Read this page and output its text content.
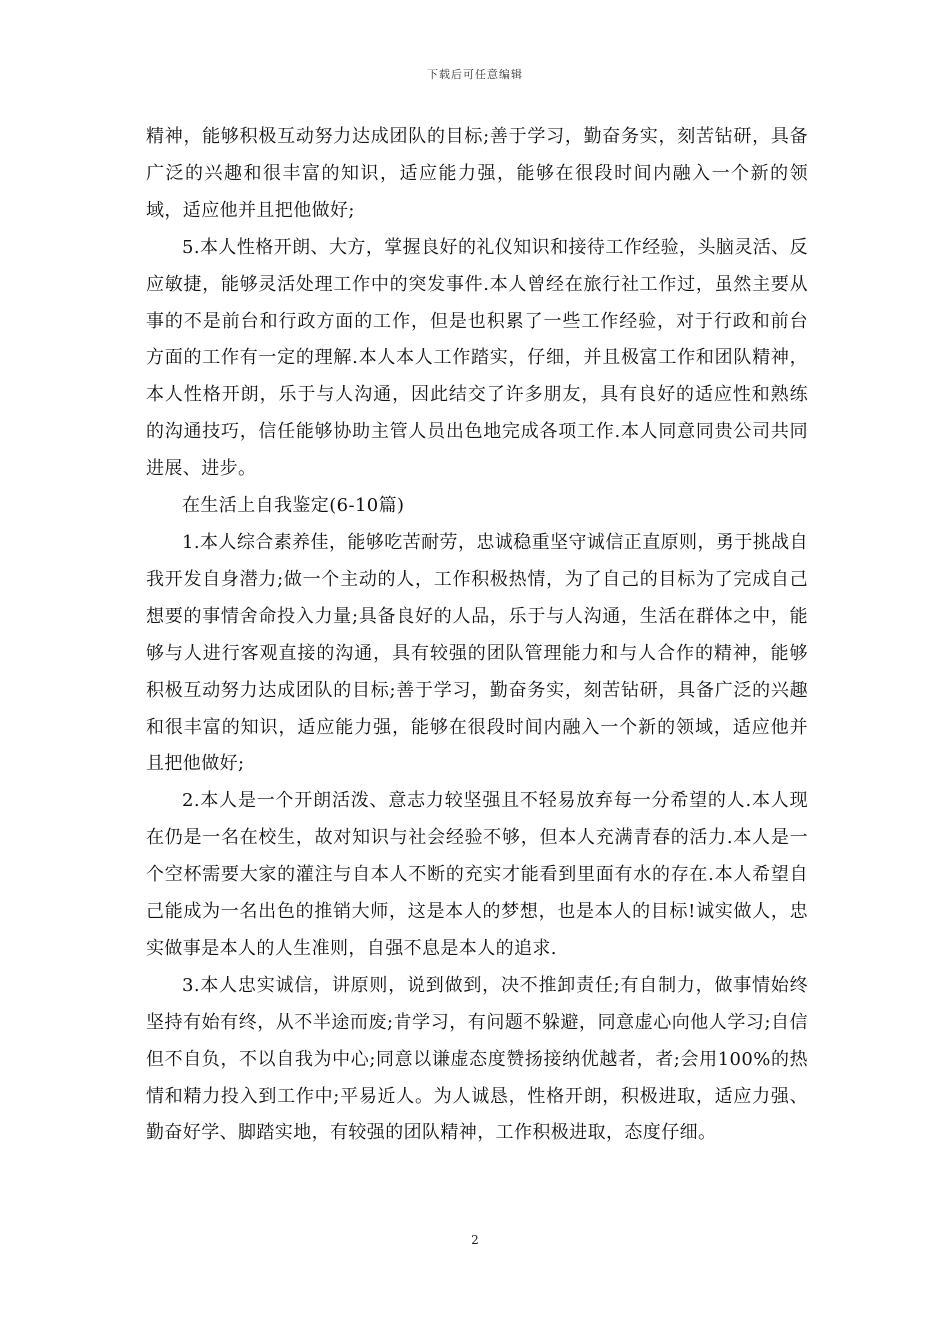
下载后可任意编辑

精神，能够积极互动努力达成团队的目标;善于学习，勤奋务实，刻苦钻研，具备广泛的兴趣和很丰富的知识，适应能力强，能够在很段时间内融入一个新的领域，适应他并且把他做好;

5.本人性格开朗、大方，掌握良好的礼仪知识和接待工作经验，头脑灵活、反应敏捷，能够灵活处理工作中的突发事件.本人曾经在旅行社工作过，虽然主要从事的不是前台和行政方面的工作，但是也积累了一些工作经验，对于行政和前台方面的工作有一定的理解.本人本人工作踏实，仔细，并且极富工作和团队精神，本人性格开朗，乐于与人沟通，因此结交了许多朋友，具有良好的适应性和熟练的沟通技巧，信任能够协助主管人员出色地完成各项工作.本人同意同贵公司共同进展、进步。

在生活上自我鉴定(6-10篇)

1.本人综合素养佳，能够吃苦耐劳，忠诚稳重坚守诚信正直原则，勇于挑战自我开发自身潜力;做一个主动的人，工作积极热情，为了自己的目标为了完成自己想要的事情舍命投入力量;具备良好的人品，乐于与人沟通，生活在群体之中，能够与人进行客观直接的沟通，具有较强的团队管理能力和与人合作的精神，能够积极互动努力达成团队的目标;善于学习，勤奋务实，刻苦钻研，具备广泛的兴趣和很丰富的知识，适应能力强，能够在很段时间内融入一个新的领域，适应他并且把他做好;

2.本人是一个开朗活泼、意志力较坚强且不轻易放弃每一分希望的人.本人现在仍是一名在校生，故对知识与社会经验不够，但本人充满青春的活力.本人是一个空杯需要大家的灌注与自本人不断的充实才能看到里面有水的存在.本人希望自己能成为一名出色的推销大师，这是本人的梦想，也是本人的目标!诚实做人，忠实做事是本人的人生准则，自强不息是本人的追求.

3.本人忠实诚信，讲原则，说到做到，决不推卸责任;有自制力，做事情始终坚持有始有终，从不半途而废;肯学习，有问题不躲避，同意虚心向他人学习;自信但不自负，不以自我为中心;同意以谦虚态度赞扬接纳优越者，者;会用100%的热情和精力投入到工作中;平易近人。为人诚恳，性格开朗，积极进取，适应力强、勤奋好学、脚踏实地，有较强的团队精神，工作积极进取，态度仔细。

2
